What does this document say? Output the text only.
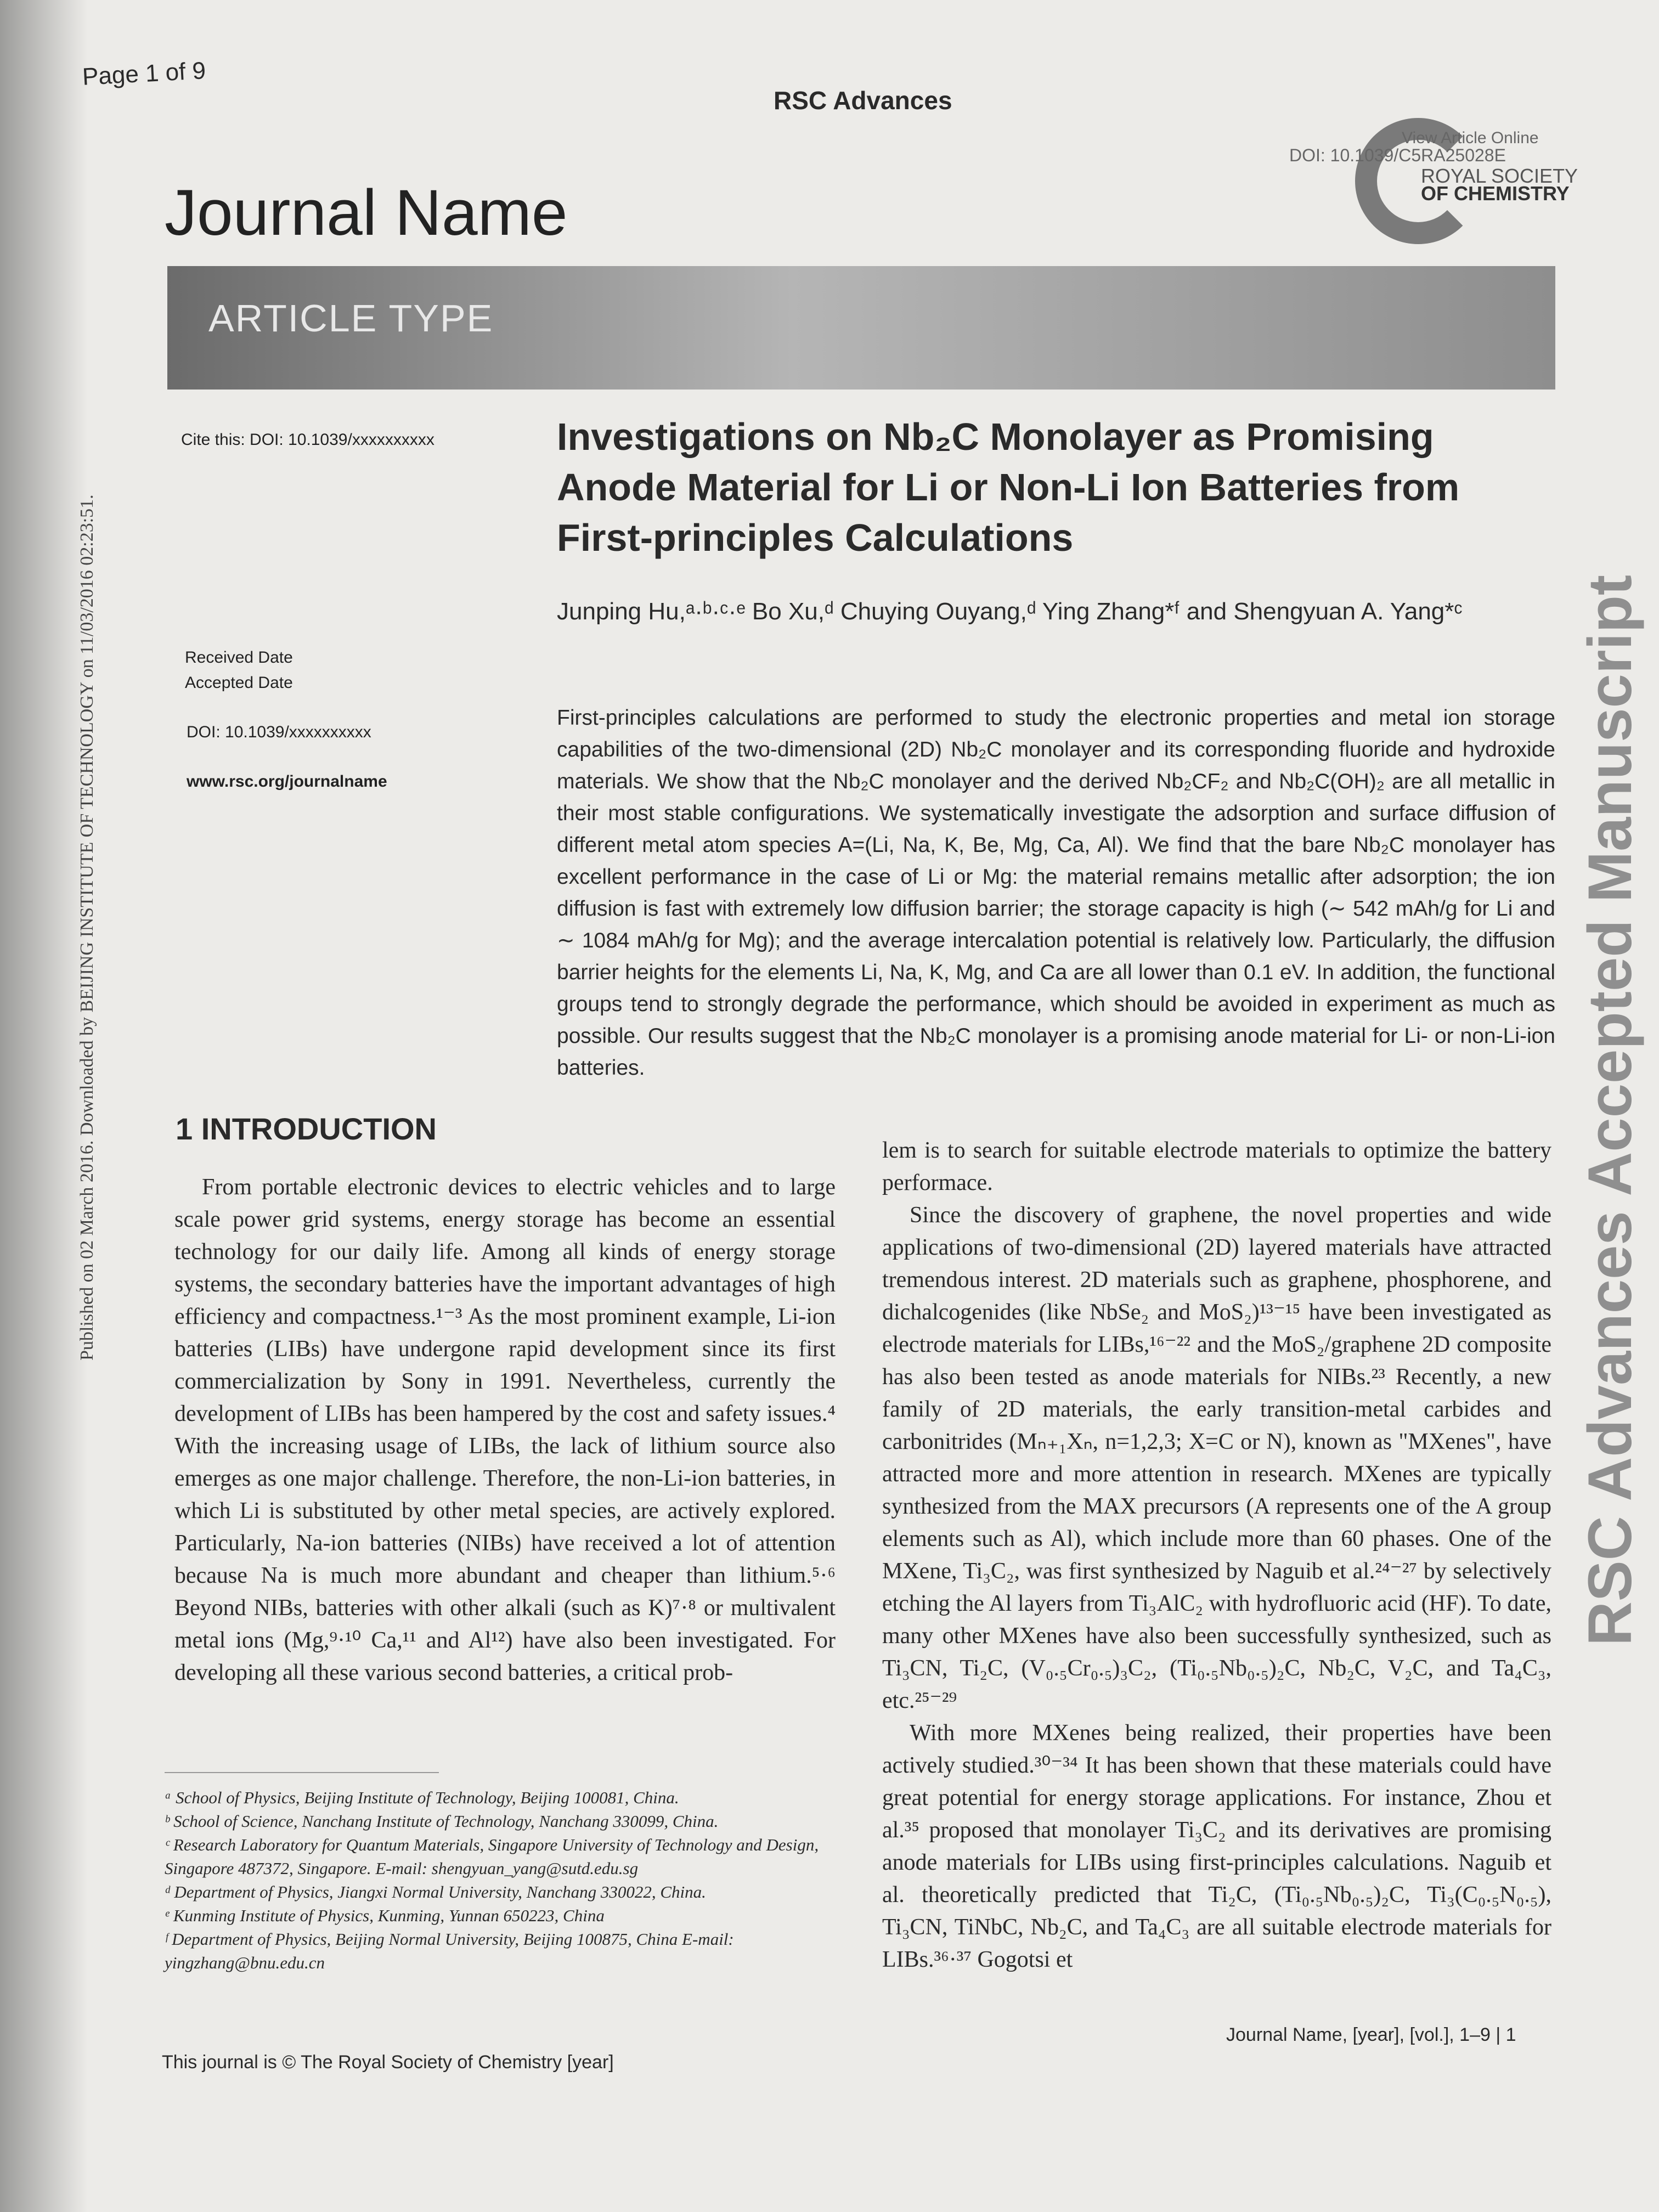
Page 1 of 9
RSC Advances
View Article Online
DOI: 10.1039/C5RA25028E
ROYAL SOCIETY
OF CHEMISTRY
Journal Name
ARTICLE TYPE
Cite this: DOI: 10.1039/xxxxxxxxxx
Received Date
Accepted Date
DOI: 10.1039/xxxxxxxxxx
www.rsc.org/journalname
Investigations on Nb₂C Monolayer as Promising Anode Material for Li or Non-Li Ion Batteries from First-principles Calculations
Junping Hu,ᵃ·ᵇ·ᶜ·ᵉ Bo Xu,ᵈ Chuying Ouyang,ᵈ Ying Zhang*ᶠ and Shengyuan A. Yang*ᶜ
First-principles calculations are performed to study the electronic properties and metal ion storage capabilities of the two-dimensional (2D) Nb₂C monolayer and its corresponding fluoride and hydroxide materials. We show that the Nb₂C monolayer and the derived Nb₂CF₂ and Nb₂C(OH)₂ are all metallic in their most stable configurations. We systematically investigate the adsorption and surface diffusion of different metal atom species A=(Li, Na, K, Be, Mg, Ca, Al). We find that the bare Nb₂C monolayer has excellent performance in the case of Li or Mg: the material remains metallic after adsorption; the ion diffusion is fast with extremely low diffusion barrier; the storage capacity is high (∼ 542 mAh/g for Li and ∼ 1084 mAh/g for Mg); and the average intercalation potential is relatively low. Particularly, the diffusion barrier heights for the elements Li, Na, K, Mg, and Ca are all lower than 0.1 eV. In addition, the functional groups tend to strongly degrade the performance, which should be avoided in experiment as much as possible. Our results suggest that the Nb₂C monolayer is a promising anode material for Li- or non-Li-ion batteries.
1 INTRODUCTION

From portable electronic devices to electric vehicles and to large scale power grid systems, energy storage has become an essential technology for our daily life. Among all kinds of energy storage systems, the secondary batteries have the important advantages of high efficiency and compactness.¹⁻³ As the most prominent example, Li-ion batteries (LIBs) have undergone rapid development since its first commercialization by Sony in 1991. Nevertheless, currently the development of LIBs has been hampered by the cost and safety issues.⁴ With the increasing usage of LIBs, the lack of lithium source also emerges as one major challenge. Therefore, the non-Li-ion batteries, in which Li is substituted by other metal species, are actively explored. Particularly, Na-ion batteries (NIBs) have received a lot of attention because Na is much more abundant and cheaper than lithium.⁵·⁶ Beyond NIBs, batteries with other alkali (such as K)⁷·⁸ or multivalent metal ions (Mg,⁹·¹⁰ Ca,¹¹ and Al¹²) have also been investigated. For developing all these various second batteries, a critical prob-

lem is to search for suitable electrode materials to optimize the battery performace.

Since the discovery of graphene, the novel properties and wide applications of two-dimensional (2D) layered materials have attracted tremendous interest. 2D materials such as graphene, phosphorene, and dichalcogenides (like NbSe₂ and MoS₂)¹³⁻¹⁵ have been investigated as electrode materials for LIBs,¹⁶⁻²² and the MoS₂/graphene 2D composite has also been tested as anode materials for NIBs.²³ Recently, a new family of 2D materials, the early transition-metal carbides and carbonitrides (Mₙ₊₁Xₙ, n=1,2,3; X=C or N), known as "MXenes", have attracted more and more attention in research. MXenes are typically synthesized from the MAX precursors (A represents one of the A group elements such as Al), which include more than 60 phases. One of the MXene, Ti₃C₂, was first synthesized by Naguib et al.²⁴⁻²⁷ by selectively etching the Al layers from Ti₃AlC₂ with hydrofluoric acid (HF). To date, many other MXenes have also been successfully synthesized, such as Ti₃CN, Ti₂C, (V₀.₅Cr₀.₅)₃C₂, (Ti₀.₅Nb₀.₅)₂C, Nb₂C, V₂C, and Ta₄C₃, etc.²⁵⁻²⁹

With more MXenes being realized, their properties have been actively studied.³⁰⁻³⁴ It has been shown that these materials could have great potential for energy storage applications. For instance, Zhou et al.³⁵ proposed that monolayer Ti₃C₂ and its derivatives are promising anode materials for LIBs using first-principles calculations. Naguib et al. theoretically predicted that Ti₂C, (Ti₀.₅Nb₀.₅)₂C, Ti₃(C₀.₅N₀.₅), Ti₃CN, TiNbC, Nb₂C, and Ta₄C₃ are all suitable electrode materials for LIBs.³⁶·³⁷ Gogotsi et

ᵃ School of Physics, Beijing Institute of Technology, Beijing 100081, China.
ᵇ School of Science, Nanchang Institute of Technology, Nanchang 330099, China.
ᶜ Research Laboratory for Quantum Materials, Singapore University of Technology and Design, Singapore 487372, Singapore. E-mail: shengyuan_yang@sutd.edu.sg
ᵈ Department of Physics, Jiangxi Normal University, Nanchang 330022, China.
ᵉ Kunming Institute of Physics, Kunming, Yunnan 650223, China
ᶠ Department of Physics, Beijing Normal University, Beijing 100875, China E-mail: yingzhang@bnu.edu.cn
This journal is © The Royal Society of Chemistry [year]
Journal Name, [year], [vol.], 1–9 | 1
RSC Advances Accepted Manuscript
Published on 02 March 2016. Downloaded by BEIJING INSTITUTE OF TECHNOLOGY on 11/03/2016 02:23:51.
